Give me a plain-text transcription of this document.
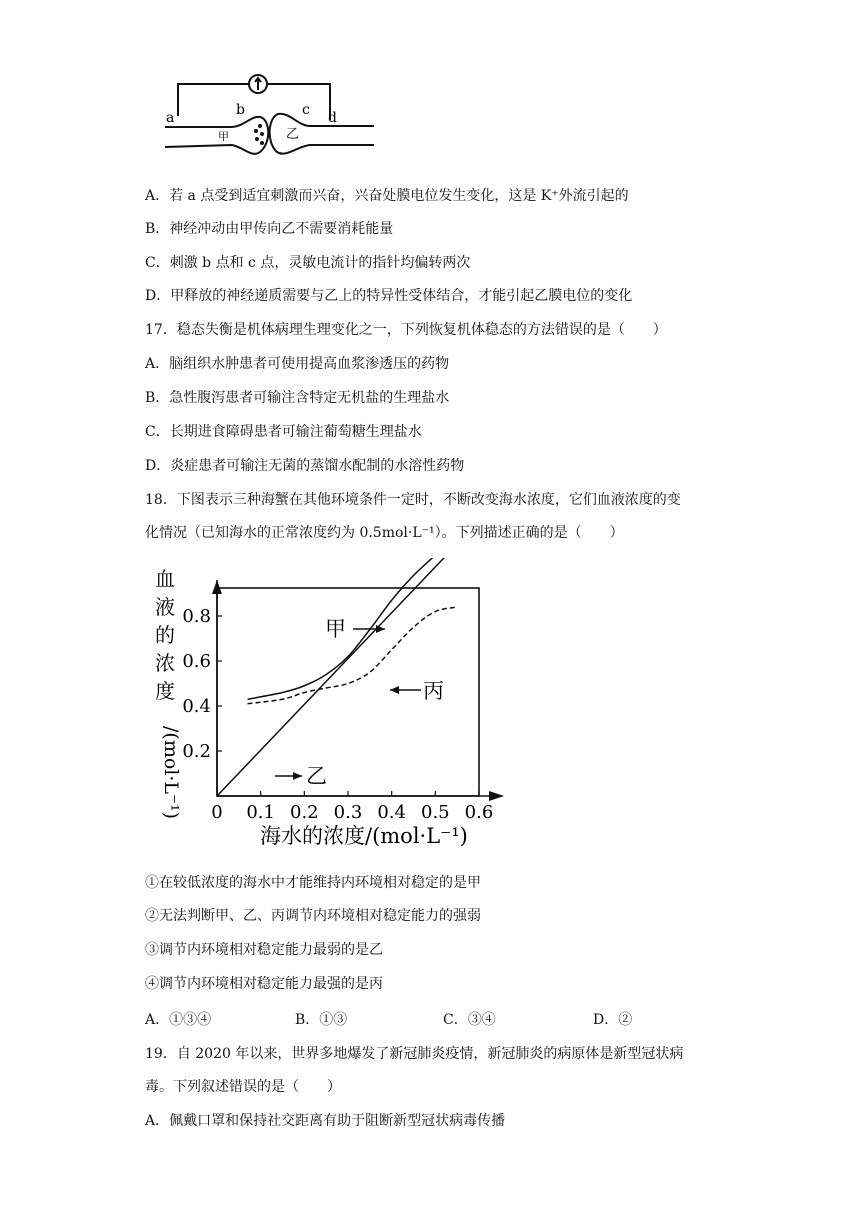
a	b
甲
c
乙
d
A．若 a 点受到适宜刺激而兴奋，兴奋处膜电位发生变化，这是 K⁺外流引起的
B．神经冲动由甲传向乙不需要消耗能量
C．刺激 b 点和 c 点，灵敏电流计的指针均偏转两次
D．甲释放的神经递质需要与乙上的特异性受体结合，才能引起乙膜电位的变化
17．稳态失衡是机体病理生理变化之一，下列恢复机体稳态的方法错误的是（　　）
A．脑组织水肿患者可使用提高血浆渗透压的药物
B．急性腹泻患者可输注含特定无机盐的生理盐水
C．长期进食障碍患者可输注葡萄糖生理盐水
D．炎症患者可输注无菌的蒸馏水配制的水溶性药物
18．下图表示三种海蟹在其他环境条件一定时，不断改变海水浓度，它们血液浓度的变
化情况（已知海水的正常浓度约为 0.5mol·L⁻¹）。下列描述正确的是（　　）
血
液
的
浓
度
/(mol·L⁻¹)
甲
丙
乙
0 0.1 0.2 0.3 0.4 0.5 0.6
0.2
0.4
0.6
0.8
海水的浓度/(mol·L⁻¹)
①在较低浓度的海水中才能维持内环境相对稳定的是甲
②无法判断甲、乙、丙调节内环境相对稳定能力的强弱
③调节内环境相对稳定能力最弱的是乙
④调节内环境相对稳定能力最强的是丙
A．①③④	B．①③	C．③④	D．②
19．自 2020 年以来，世界多地爆发了新冠肺炎疫情，新冠肺炎的病原体是新型冠状病
毒。下列叙述错误的是（　　）
A．佩戴口罩和保持社交距离有助于阻断新型冠状病毒传播
